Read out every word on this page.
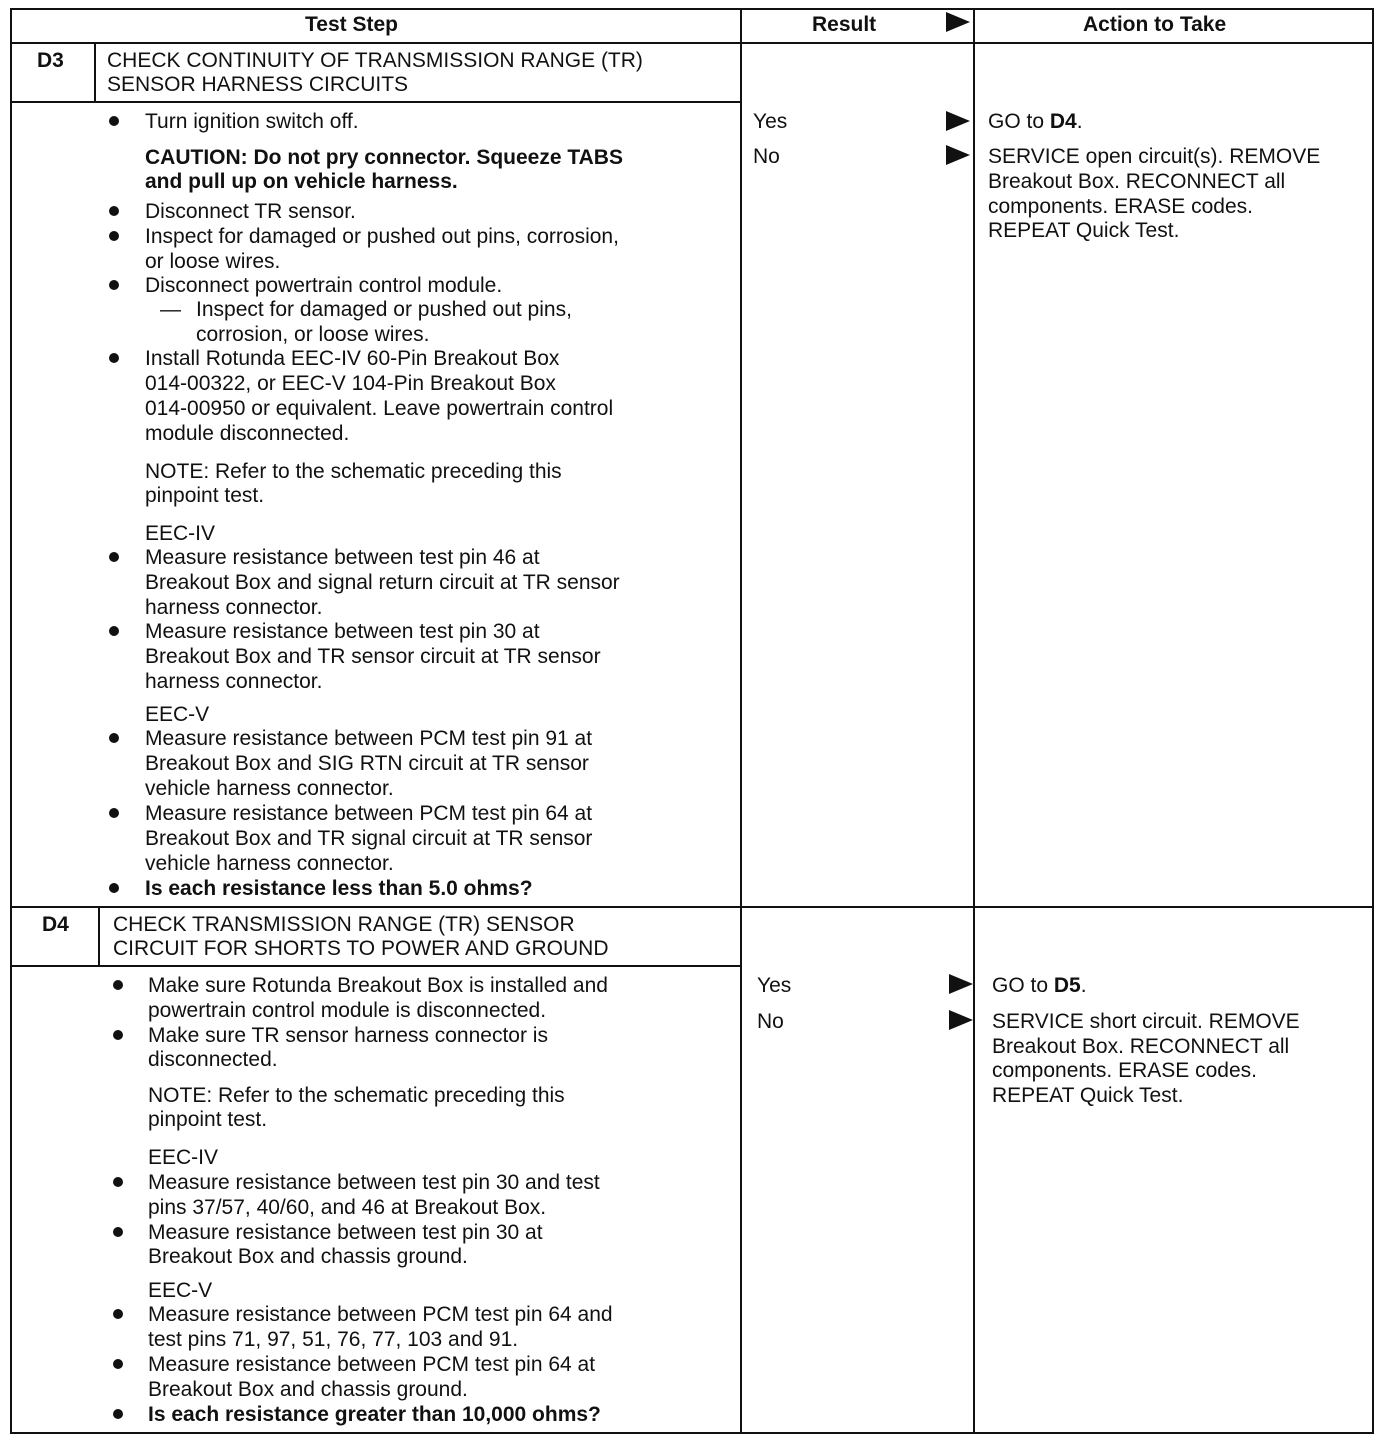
Test Step	Result	Action to Take
D3 CHECK CONTINUITY OF TRANSMISSION RANGE (TR)
SENSOR HARNESS CIRCUITS
Turn ignition switch off.
CAUTION: Do not pry connector. Squeeze TABS
and pull up on vehicle harness.
Disconnect TR sensor.
Inspect for damaged or pushed out pins, corrosion,
or loose wires.
Disconnect powertrain control module.
— Inspect for damaged or pushed out pins,
corrosion, or loose wires.
Install Rotunda EEC-IV 60-Pin Breakout Box
014-00322, or EEC-V 104-Pin Breakout Box
014-00950 or equivalent. Leave powertrain control
module disconnected.
NOTE: Refer to the schematic preceding this
pinpoint test.
EEC-IV
Measure resistance between test pin 46 at
Breakout Box and signal return circuit at TR sensor
harness connector.
Measure resistance between test pin 30 at
Breakout Box and TR sensor circuit at TR sensor
harness connector.
EEC-V
Measure resistance between PCM test pin 91 at
Breakout Box and SIG RTN circuit at TR sensor
vehicle harness connector.
Measure resistance between PCM test pin 64 at
Breakout Box and TR signal circuit at TR sensor
vehicle harness connector.
Is each resistance less than 5.0 ohms?
Yes
No
GO to D4.
SERVICE open circuit(s). REMOVE
Breakout Box. RECONNECT all
components. ERASE codes.
REPEAT Quick Test.
D4 CHECK TRANSMISSION RANGE (TR) SENSOR
CIRCUIT FOR SHORTS TO POWER AND GROUND
Make sure Rotunda Breakout Box is installed and
powertrain control module is disconnected.
Make sure TR sensor harness connector is
disconnected.
NOTE: Refer to the schematic preceding this
pinpoint test.
EEC-IV
Measure resistance between test pin 30 and test
pins 37/57, 40/60, and 46 at Breakout Box.
Measure resistance between test pin 30 at
Breakout Box and chassis ground.
EEC-V
Measure resistance between PCM test pin 64 and
test pins 71, 97, 51, 76, 77, 103 and 91.
Measure resistance between PCM test pin 64 at
Breakout Box and chassis ground.
Is each resistance greater than 10,000 ohms?
Yes
No
GO to D5.
SERVICE short circuit. REMOVE
Breakout Box. RECONNECT all
components. ERASE codes.
REPEAT Quick Test.
